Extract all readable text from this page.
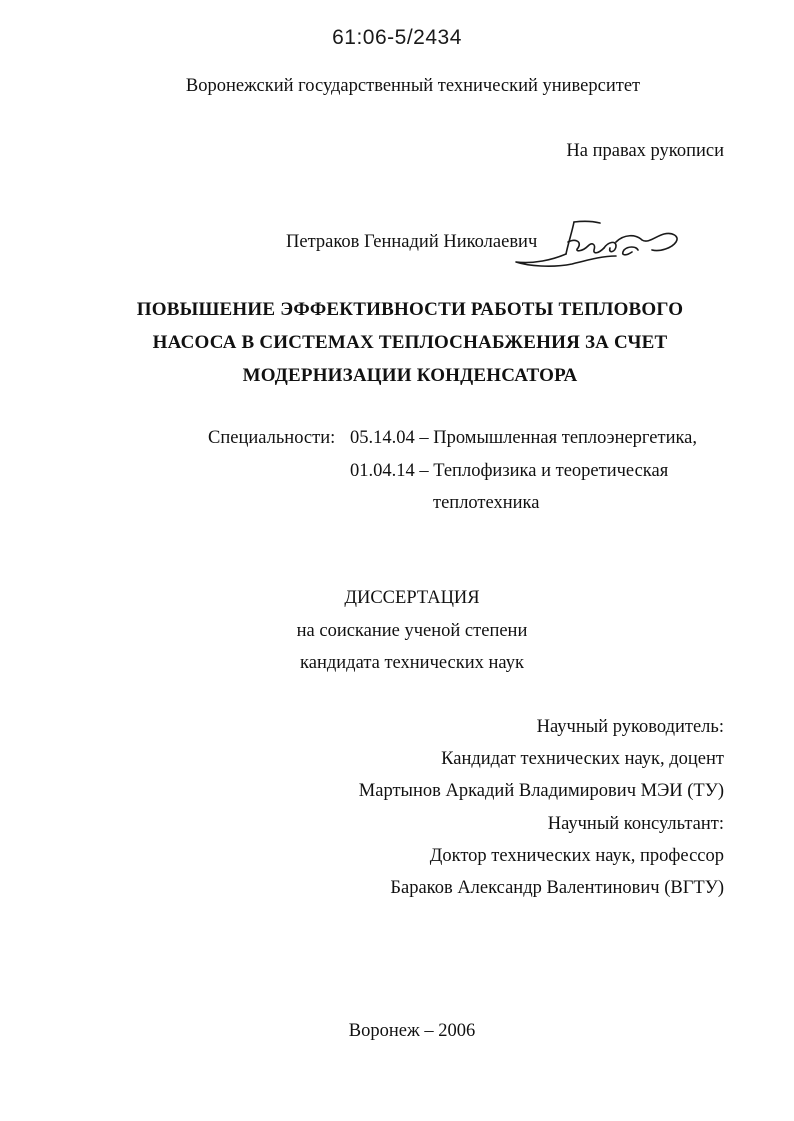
61:06-5/2434
Воронежский государственный технический университет
На правах рукописи
Петраков Геннадий Николаевич
ПОВЫШЕНИЕ ЭФФЕКТИВНОСТИ РАБОТЫ ТЕПЛОВОГО
НАСОСА В СИСТЕМАХ ТЕПЛОСНАБЖЕНИЯ ЗА СЧЕТ
МОДЕРНИЗАЦИИ КОНДЕНСАТОРА
Специальности: 05.14.04 – Промышленная теплоэнергетика,
01.04.14 – Теплофизика и теоретическая
теплотехника
ДИССЕРТАЦИЯ
на соискание ученой степени
кандидата технических наук
Научный руководитель:
Кандидат технических наук, доцент
Мартынов Аркадий Владимирович МЭИ (ТУ)
Научный консультант:
Доктор технических наук, профессор
Бараков Александр Валентинович (ВГТУ)
Воронеж – 2006
